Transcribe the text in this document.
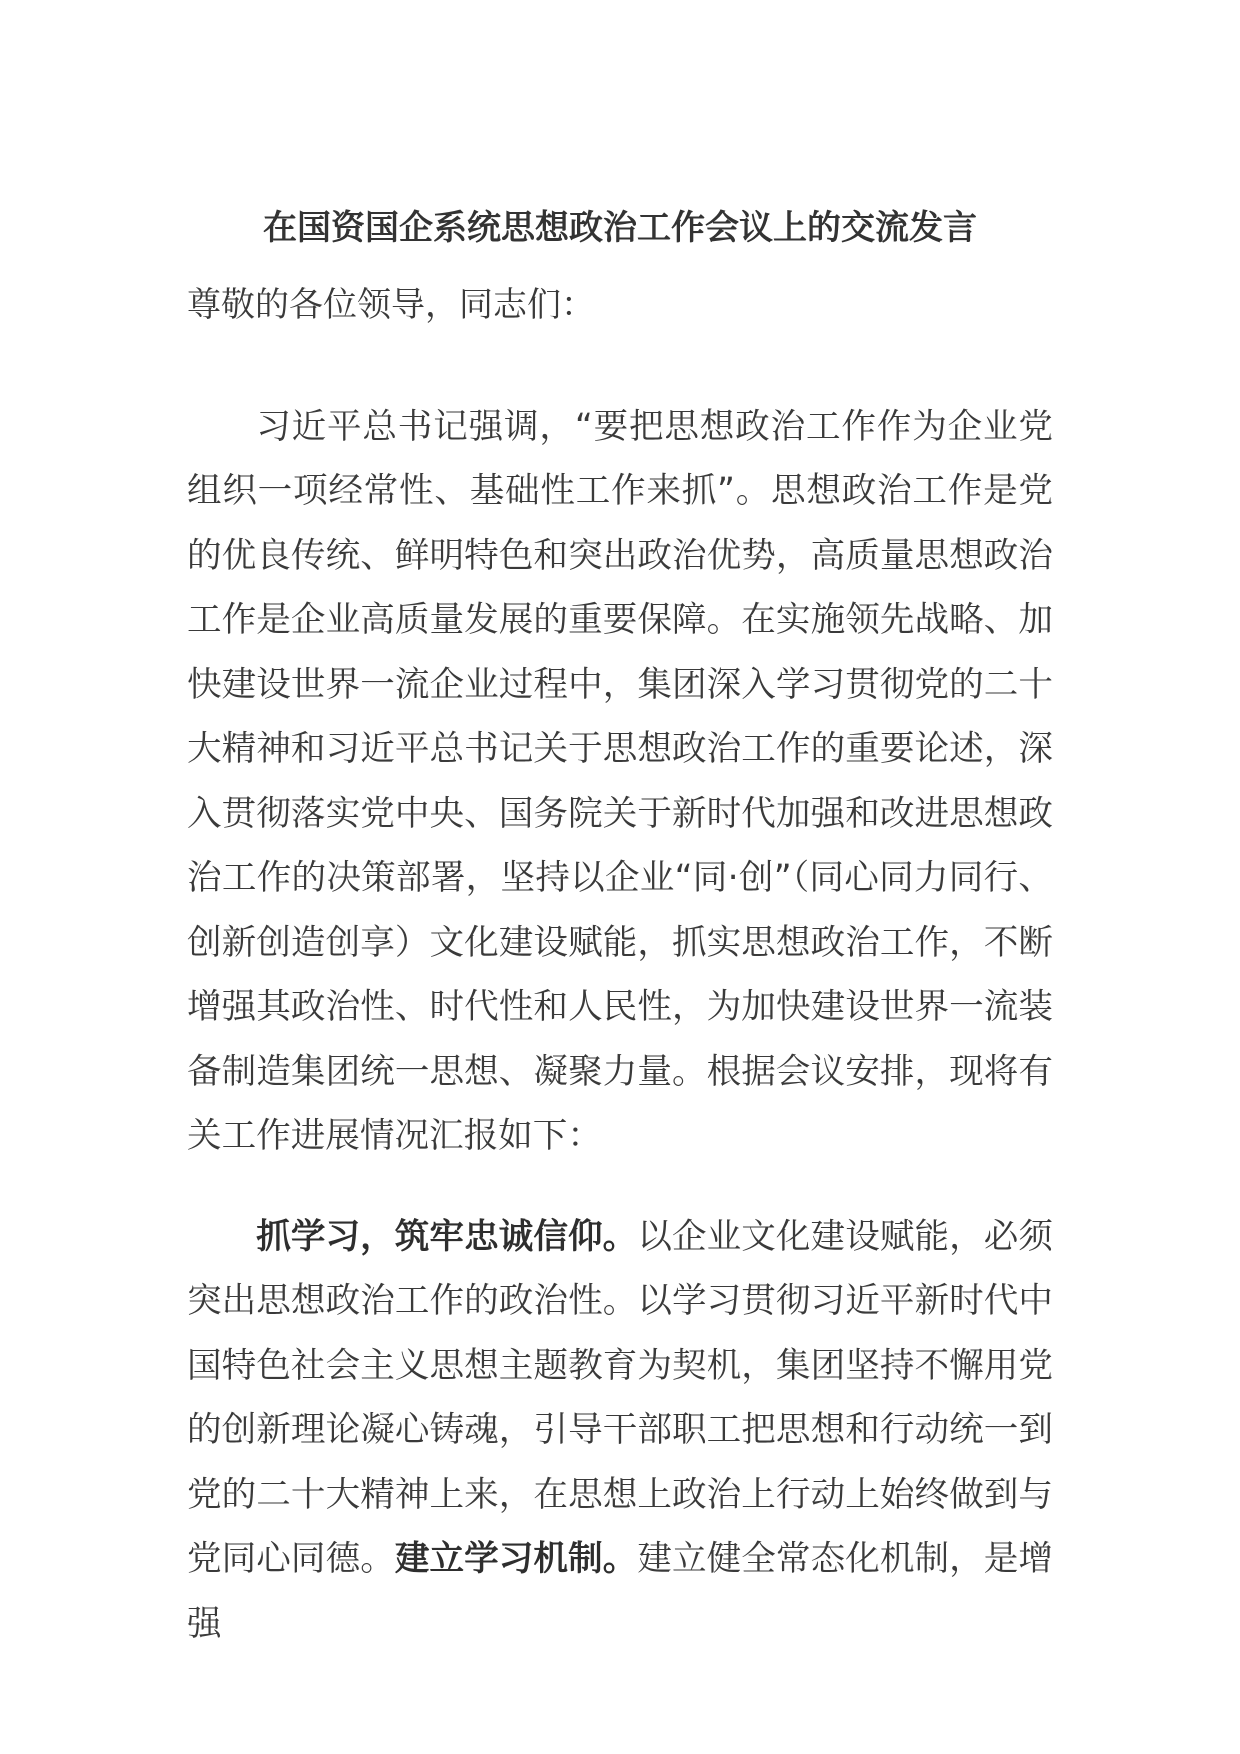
在国资国企系统思想政治工作会议上的交流发言
尊敬的各位领导，同志们：

习近平总书记强调，“要把思想政治工作作为企业党组织一项经常性、基础性工作来抓”。思想政治工作是党的优良传统、鲜明特色和突出政治优势，高质量思想政治工作是企业高质量发展的重要保障。在实施领先战略、加快建设世界一流企业过程中，集团深入学习贯彻党的二十大精神和习近平总书记关于思想政治工作的重要论述，深入贯彻落实党中央、国务院关于新时代加强和改进思想政治工作的决策部署，坚持以企业“同·创”（同心同力同行、创新创造创享）文化建设赋能，抓实思想政治工作，不断增强其政治性、时代性和人民性，为加快建设世界一流装备制造集团统一思想、凝聚力量。根据会议安排，现将有关工作进展情况汇报如下：

抓学习，筑牢忠诚信仰。以企业文化建设赋能，必须突出思想政治工作的政治性。以学习贯彻习近平新时代中国特色社会主义思想主题教育为契机，集团坚持不懈用党的创新理论凝心铸魂，引导干部职工把思想和行动统一到党的二十大精神上来，在思想上政治上行动上始终做到与党同心同德。建立学习机制。建立健全常态化机制，是增强
